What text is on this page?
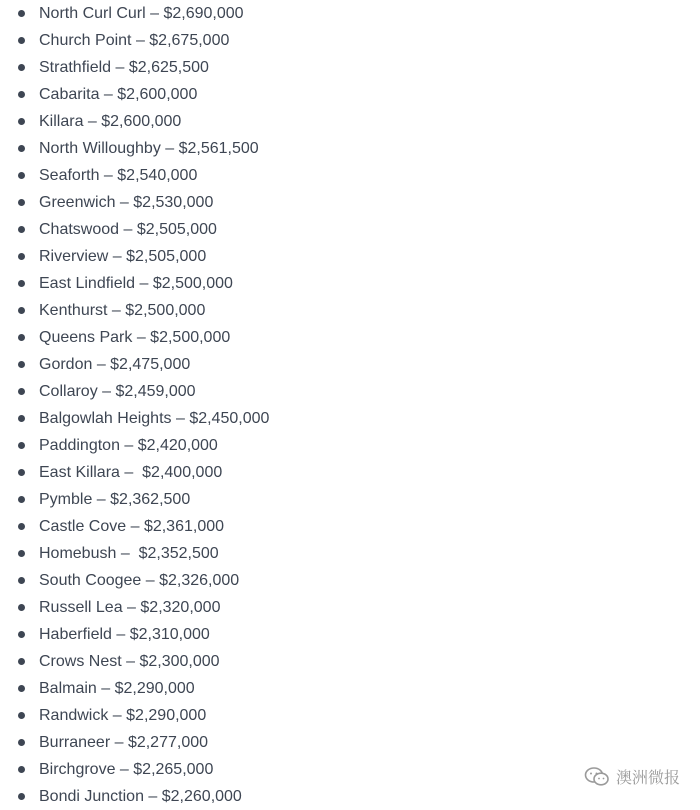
North Curl Curl – $2,690,000
Church Point – $2,675,000
Strathfield – $2,625,500
Cabarita – $2,600,000
Killara – $2,600,000
North Willoughby – $2,561,500
Seaforth – $2,540,000
Greenwich – $2,530,000
Chatswood – $2,505,000
Riverview – $2,505,000
East Lindfield – $2,500,000
Kenthurst – $2,500,000
Queens Park – $2,500,000
Gordon – $2,475,000
Collaroy – $2,459,000
Balgowlah Heights – $2,450,000
Paddington – $2,420,000
East Killara –  $2,400,000
Pymble – $2,362,500
Castle Cove – $2,361,000
Homebush –  $2,352,500
South Coogee – $2,326,000
Russell Lea – $2,320,000
Haberfield – $2,310,000
Crows Nest – $2,300,000
Balmain – $2,290,000
Randwick – $2,290,000
Burraneer – $2,277,000
Birchgrove – $2,265,000
Bondi Junction – $2,260,000
澳洲微报
